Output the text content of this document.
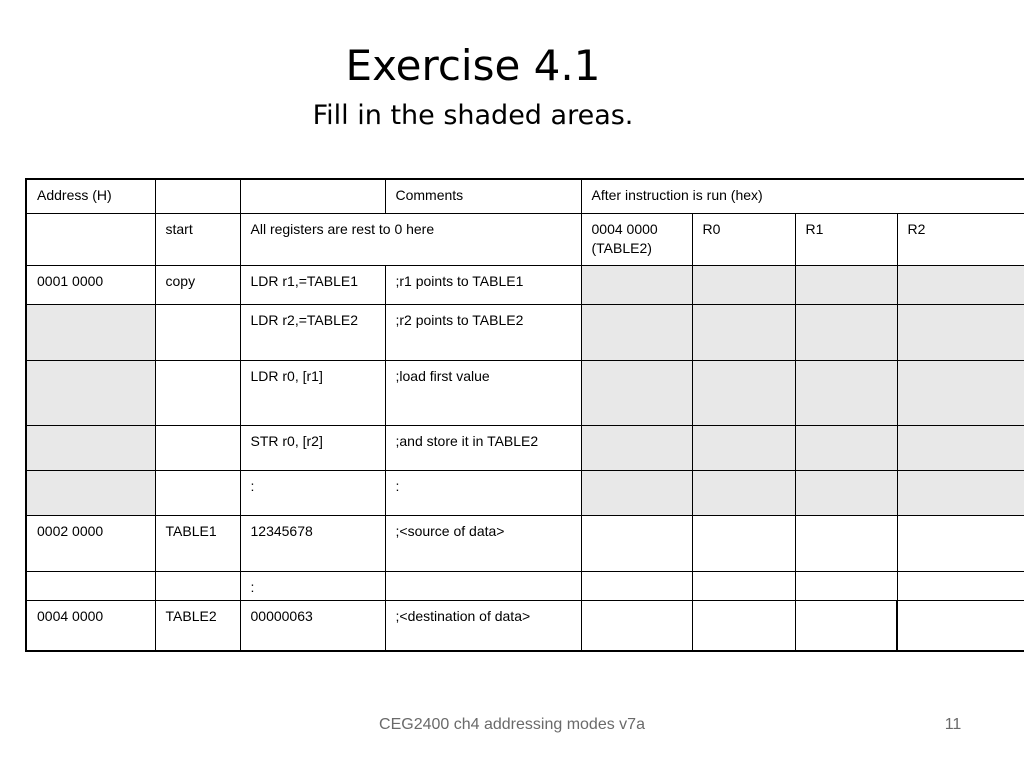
Exercise 4.1
Fill in the shaded areas.
Address (H)			Comments	After instruction is run (hex)			
	start	All registers are rest to 0 here		0004 0000 (TABLE2)	R0	R1	R2
0001 0000	copy	LDR r1,=TABLE1	;r1 points to TABLE1				
		LDR r2,=TABLE2	;r2 points to TABLE2				
		LDR r0, [r1]	;load first value				
		STR r0, [r2]	;and store it in TABLE2				
		:	:				
0002 0000	TABLE1	12345678	;<source of data>				
		:					
0004 0000	TABLE2	00000063	;<destination of data>				
CEG2400 ch4 addressing modes v7a	11
